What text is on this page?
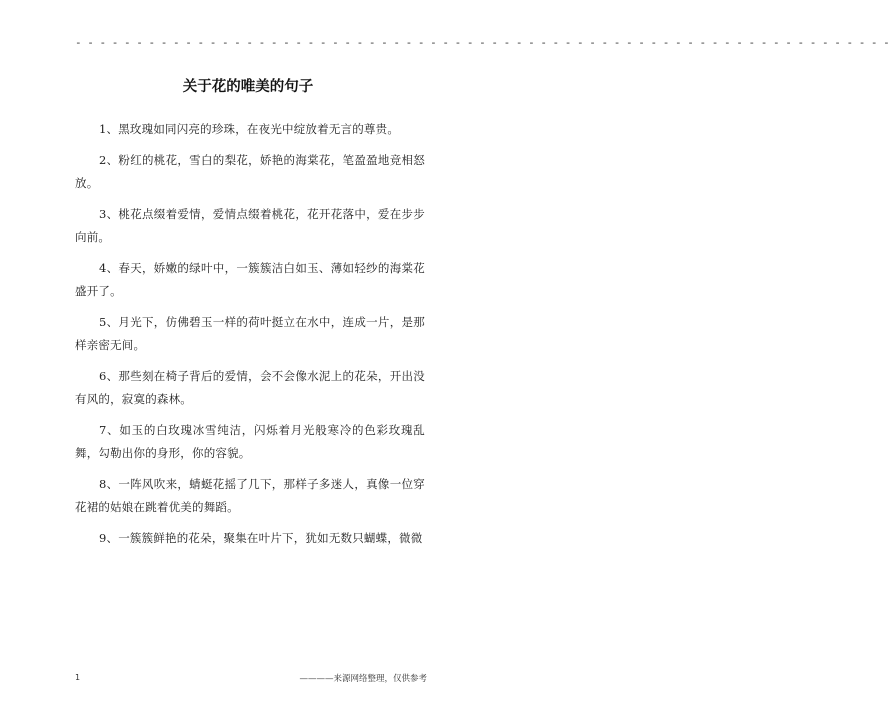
- - - - - - - - - - - - - - - - - - - - - - - - - - - - - - - - - - - - - - - - - - - - - - - - - - - - - - - - - - - - - - - - - - -
关于花的唯美的句子

1、黑玫瑰如同闪亮的珍珠，在夜光中绽放着无言的尊贵。

2、粉红的桃花，雪白的梨花，娇艳的海棠花，笔盈盈地竞相怒放。

3、桃花点缀着爱情，爱情点缀着桃花，花开花落中，爱在步步向前。

4、春天，娇嫩的绿叶中，一簇簇洁白如玉、薄如轻纱的海棠花盛开了。

5、月光下，仿佛碧玉一样的荷叶挺立在水中，连成一片，是那样亲密无间。

6、那些刻在椅子背后的爱情，会不会像水泥上的花朵，开出没有风的，寂寞的森林。

7、如玉的白玫瑰冰雪纯洁，闪烁着月光般寒冷的色彩玫瑰乱舞，勾勒出你的身形，你的容貌。

8、一阵风吹来，蜻蜓花摇了几下，那样子多迷人，真像一位穿花裙的姑娘在跳着优美的舞蹈。

9、一簇簇鲜艳的花朵，聚集在叶片下，犹如无数只蝴蝶，微微

1	————来源网络整理，仅供参考
